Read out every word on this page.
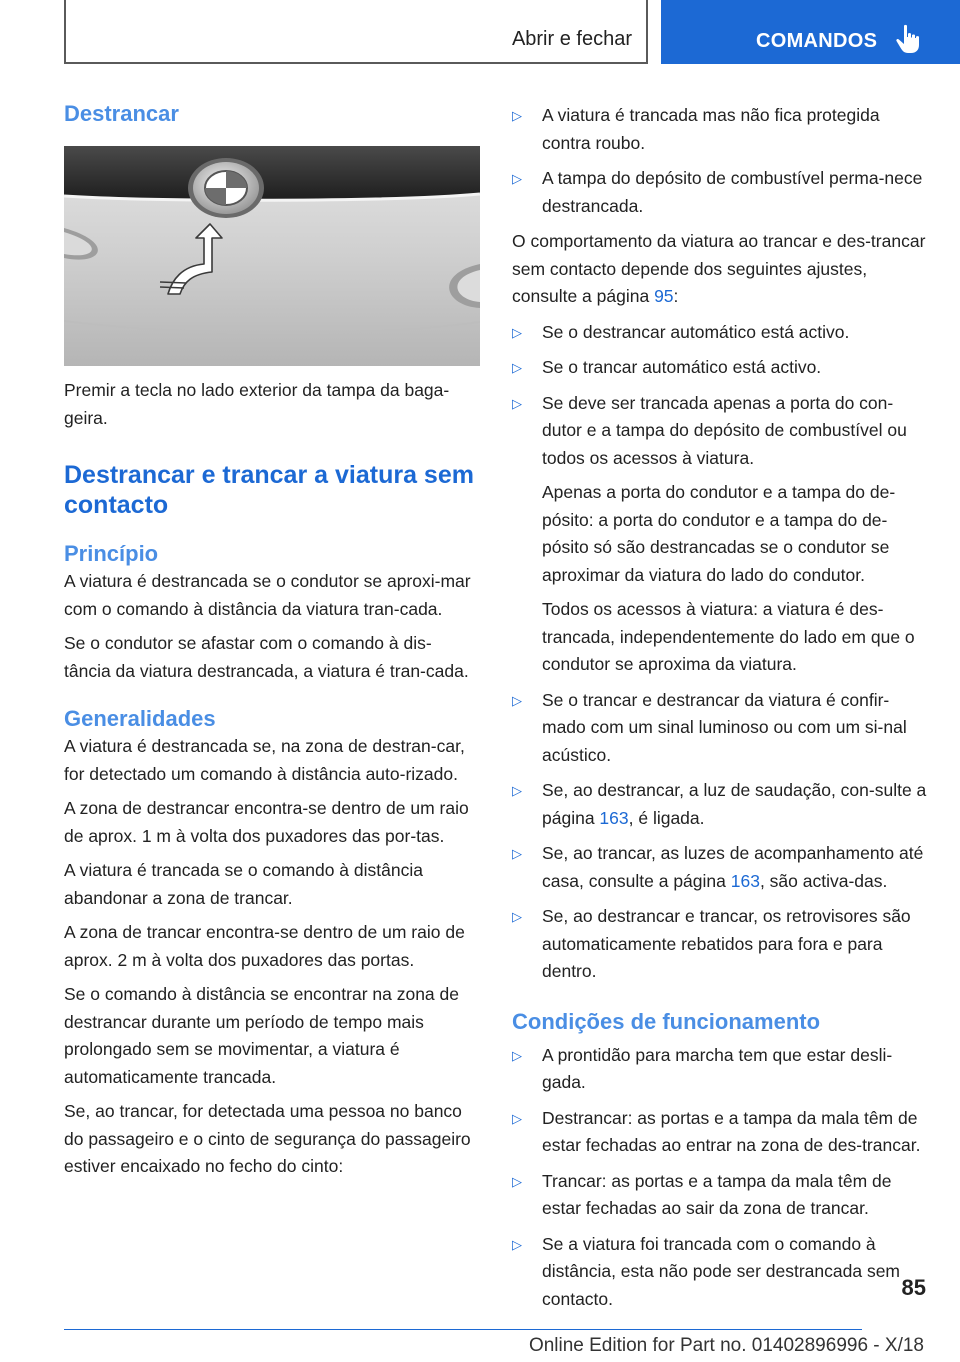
Abrir e fechar	COMANDOS
Destrancar
Premir a tecla no lado exterior da tampa da baga-geira.
Destrancar e trancar a viatura sem contacto
Princípio
A viatura é destrancada se o condutor se aproxi-mar com o comando à distância da viatura tran-cada.
Se o condutor se afastar com o comando à dis-tância da viatura destrancada, a viatura é tran-cada.
Generalidades
A viatura é destrancada se, na zona de destran-car, for detectado um comando à distância auto-rizado.
A zona de destrancar encontra-se dentro de um raio de aprox. 1 m à volta dos puxadores das por-tas.
A viatura é trancada se o comando à distância abandonar a zona de trancar.
A zona de trancar encontra-se dentro de um raio de aprox. 2 m à volta dos puxadores das portas.
Se o comando à distância se encontrar na zona de destrancar durante um período de tempo mais prolongado sem se movimentar, a viatura é automaticamente trancada.
Se, ao trancar, for detectada uma pessoa no banco do passageiro e o cinto de segurança do passageiro estiver encaixado no fecho do cinto:
▷ A viatura é trancada mas não fica protegida contra roubo.
▷ A tampa do depósito de combustível perma-nece destrancada.
O comportamento da viatura ao trancar e des-trancar sem contacto depende dos seguintes ajustes, consulte a página 95:
▷ Se o destrancar automático está activo.
▷ Se o trancar automático está activo.
▷ Se deve ser trancada apenas a porta do con-dutor e a tampa do depósito de combustível ou todos os acessos à viatura.
Apenas a porta do condutor e a tampa do de-pósito: a porta do condutor e a tampa do de-pósito só são destrancadas se o condutor se aproximar da viatura do lado do condutor.
Todos os acessos à viatura: a viatura é des-trancada, independentemente do lado em que o condutor se aproxima da viatura.
▷ Se o trancar e destrancar da viatura é confir-mado com um sinal luminoso ou com um si-nal acústico.
▷ Se, ao destrancar, a luz de saudação, con-sulte a página 163, é ligada.
▷ Se, ao trancar, as luzes de acompanhamento até casa, consulte a página 163, são activa-das.
▷ Se, ao destrancar e trancar, os retrovisores são automaticamente rebatidos para fora e para dentro.
Condições de funcionamento
▷ A prontidão para marcha tem que estar desli-gada.
▷ Destrancar: as portas e a tampa da mala têm de estar fechadas ao entrar na zona de des-trancar.
▷ Trancar: as portas e a tampa da mala têm de estar fechadas ao sair da zona de trancar.
▷ Se a viatura foi trancada com o comando à distância, esta não pode ser destrancada sem contacto.	85
Online Edition for Part no. 01402896996 - X/18
